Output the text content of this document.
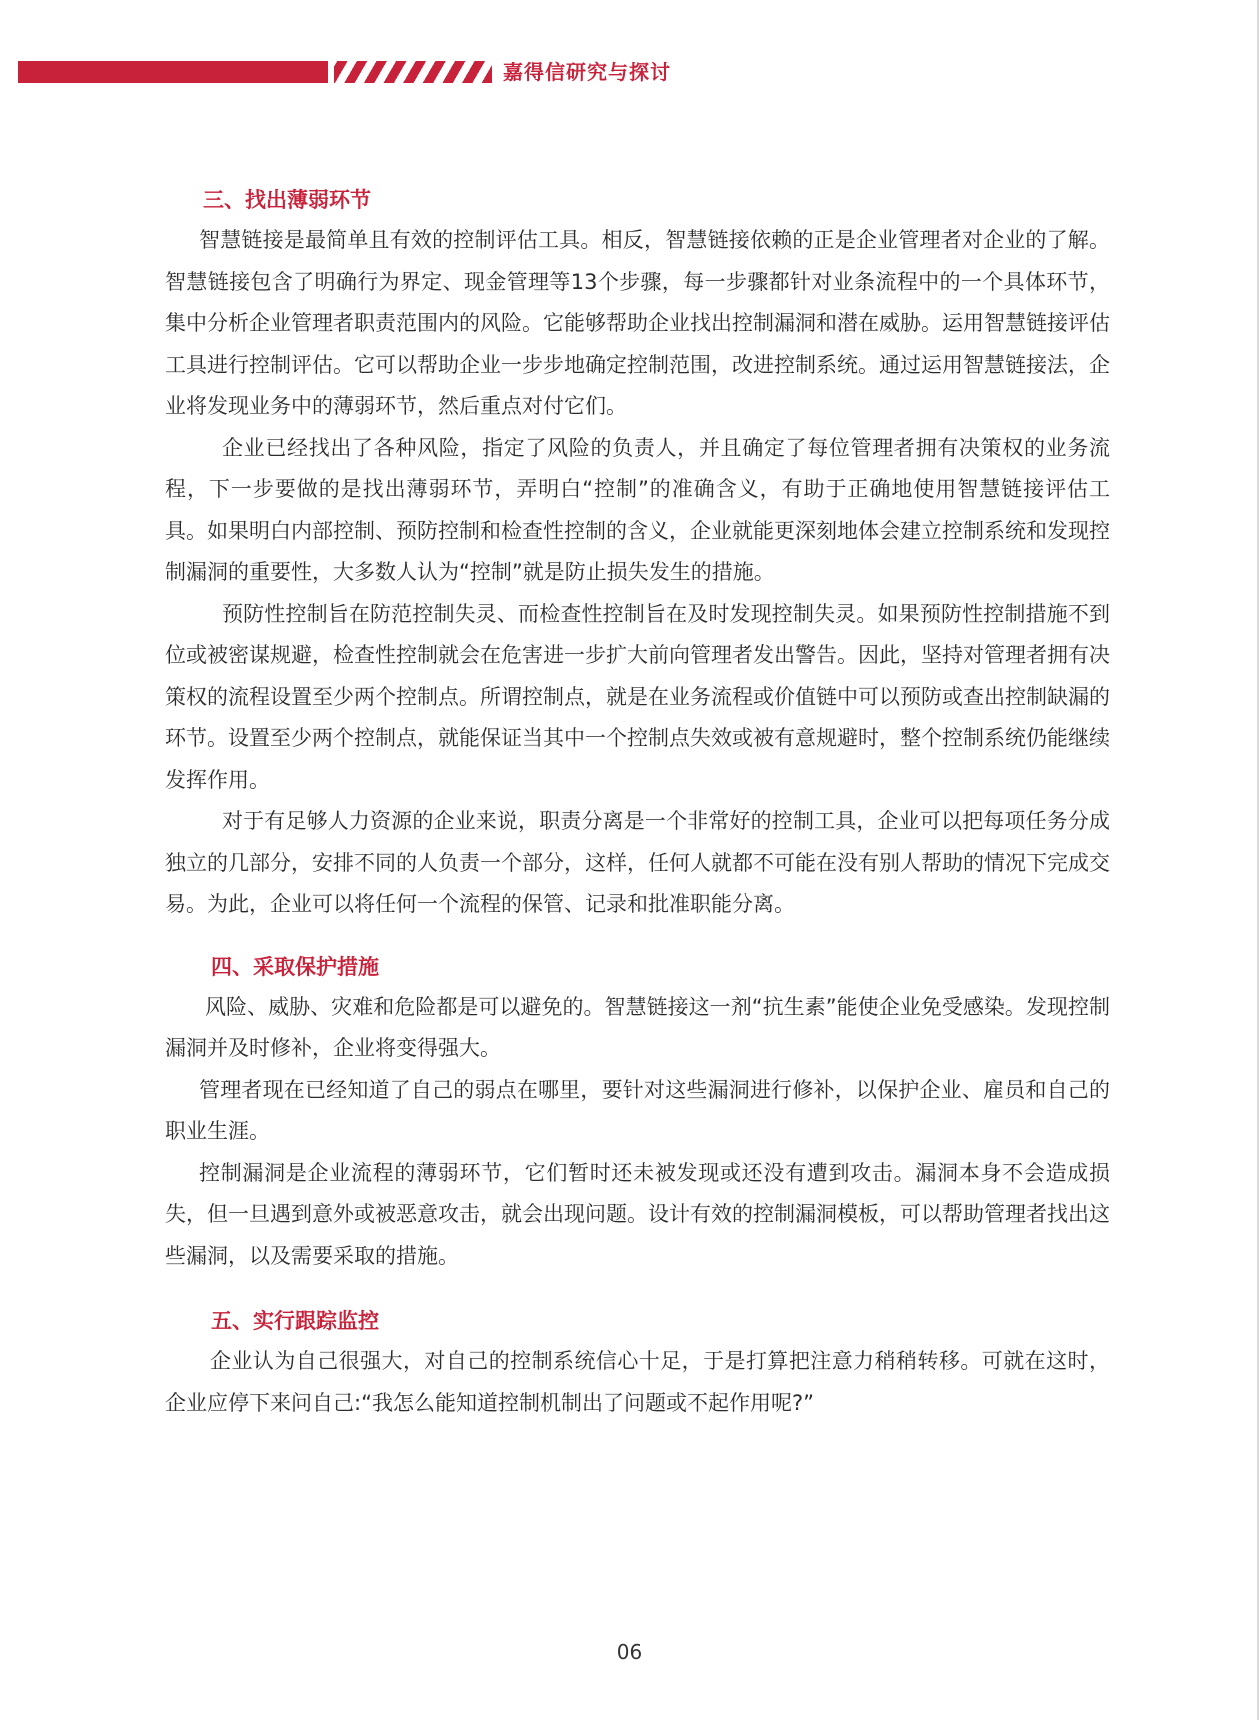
嘉得信研究与探讨
三、找出薄弱环节

智慧链接是最简单且有效的控制评估工具。相反，智慧链接依赖的正是企业管理者对企业的了解。智慧链接包含了明确行为界定、现金管理等13个步骤，每一步骤都针对业条流程中的一个具体环节，集中分析企业管理者职责范围内的风险。它能够帮助企业找出控制漏洞和潜在威胁。运用智慧链接评估工具进行控制评估。它可以帮助企业一步步地确定控制范围，改进控制系统。通过运用智慧链接法，企业将发现业务中的薄弱环节，然后重点对付它们。

企业已经找出了各种风险，指定了风险的负责人，并且确定了每位管理者拥有决策权的业务流程，下一步要做的是找出薄弱环节，弄明白“控制”的准确含义，有助于正确地使用智慧链接评估工具。如果明白内部控制、预防控制和检查性控制的含义，企业就能更深刻地体会建立控制系统和发现控制漏洞的重要性，大多数人认为“控制”就是防止损失发生的措施。

预防性控制旨在防范控制失灵、而检查性控制旨在及时发现控制失灵。如果预防性控制措施不到位或被密谋规避，检查性控制就会在危害进一步扩大前向管理者发出警告。因此，坚持对管理者拥有决策权的流程设置至少两个控制点。所谓控制点，就是在业务流程或价值链中可以预防或查出控制缺漏的环节。设置至少两个控制点，就能保证当其中一个控制点失效或被有意规避时，整个控制系统仍能继续发挥作用。

对于有足够人力资源的企业来说，职责分离是一个非常好的控制工具，企业可以把每项任务分成独立的几部分，安排不同的人负责一个部分，这样，任何人就都不可能在没有别人帮助的情况下完成交易。为此，企业可以将任何一个流程的保管、记录和批准职能分离。

四、采取保护措施

风险、威胁、灾难和危险都是可以避免的。智慧链接这一剂“抗生素”能使企业免受感染。发现控制漏洞并及时修补，企业将变得强大。

管理者现在已经知道了自己的弱点在哪里，要针对这些漏洞进行修补，以保护企业、雇员和自己的职业生涯。

控制漏洞是企业流程的薄弱环节，它们暂时还未被发现或还没有遭到攻击。漏洞本身不会造成损失，但一旦遇到意外或被恶意攻击，就会出现问题。设计有效的控制漏洞模板，可以帮助管理者找出这些漏洞，以及需要采取的措施。

五、实行跟踪监控

企业认为自己很强大，对自己的控制系统信心十足，于是打算把注意力稍稍转移。可就在这时，企业应停下来问自己:“我怎么能知道控制机制出了问题或不起作用呢?”

06
